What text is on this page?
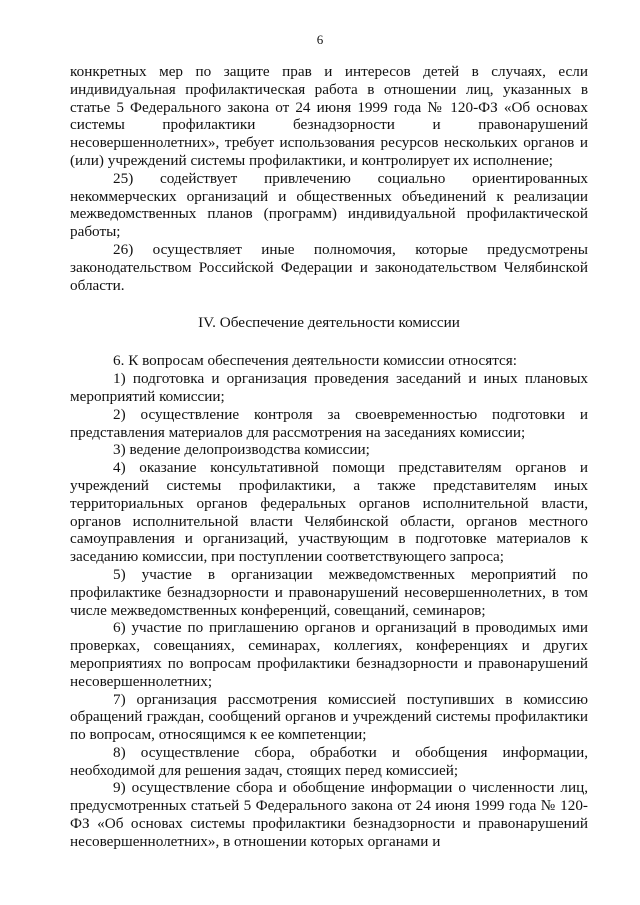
6

конкретных мер по защите прав и интересов детей в случаях, если индивидуальная профилактическая работа в отношении лиц, указанных в статье 5 Федерального закона от 24 июня 1999 года № 120-ФЗ «Об основах системы профилактики безнадзорности и правонарушений несовершеннолетних», требует использования ресурсов нескольких органов и (или) учреждений системы профилактики, и контролирует их исполнение;

25) содействует привлечению социально ориентированных некоммерческих организаций и общественных объединений к реализации межведомственных планов (программ) индивидуальной профилактической работы;

26) осуществляет иные полномочия, которые предусмотрены законодательством Российской Федерации и законодательством Челябинской области.

IV. Обеспечение деятельности комиссии

6. К вопросам обеспечения деятельности комиссии относятся:

1) подготовка и организация проведения заседаний и иных плановых мероприятий комиссии;

2) осуществление контроля за своевременностью подготовки и представления материалов для рассмотрения на заседаниях комиссии;

3) ведение делопроизводства комиссии;

4) оказание консультативной помощи представителям органов и учреждений системы профилактики, а также представителям иных территориальных органов федеральных органов исполнительной власти, органов исполнительной власти Челябинской области, органов местного самоуправления и организаций, участвующим в подготовке материалов к заседанию комиссии, при поступлении соответствующего запроса;

5) участие в организации межведомственных мероприятий по профилактике безнадзорности и правонарушений несовершеннолетних, в том числе межведомственных конференций, совещаний, семинаров;

6) участие по приглашению органов и организаций в проводимых ими проверках, совещаниях, семинарах, коллегиях, конференциях и других мероприятиях по вопросам профилактики безнадзорности и правонарушений несовершеннолетних;

7) организация рассмотрения комиссией поступивших в комиссию обращений граждан, сообщений органов и учреждений системы профилактики по вопросам, относящимся к ее компетенции;

8) осуществление сбора, обработки и обобщения информации, необходимой для решения задач, стоящих перед комиссией;

9) осуществление сбора и обобщение информации о численности лиц, предусмотренных статьей 5 Федерального закона от 24 июня 1999 года № 120-ФЗ «Об основах системы профилактики безнадзорности и правонарушений несовершеннолетних», в отношении которых органами и
